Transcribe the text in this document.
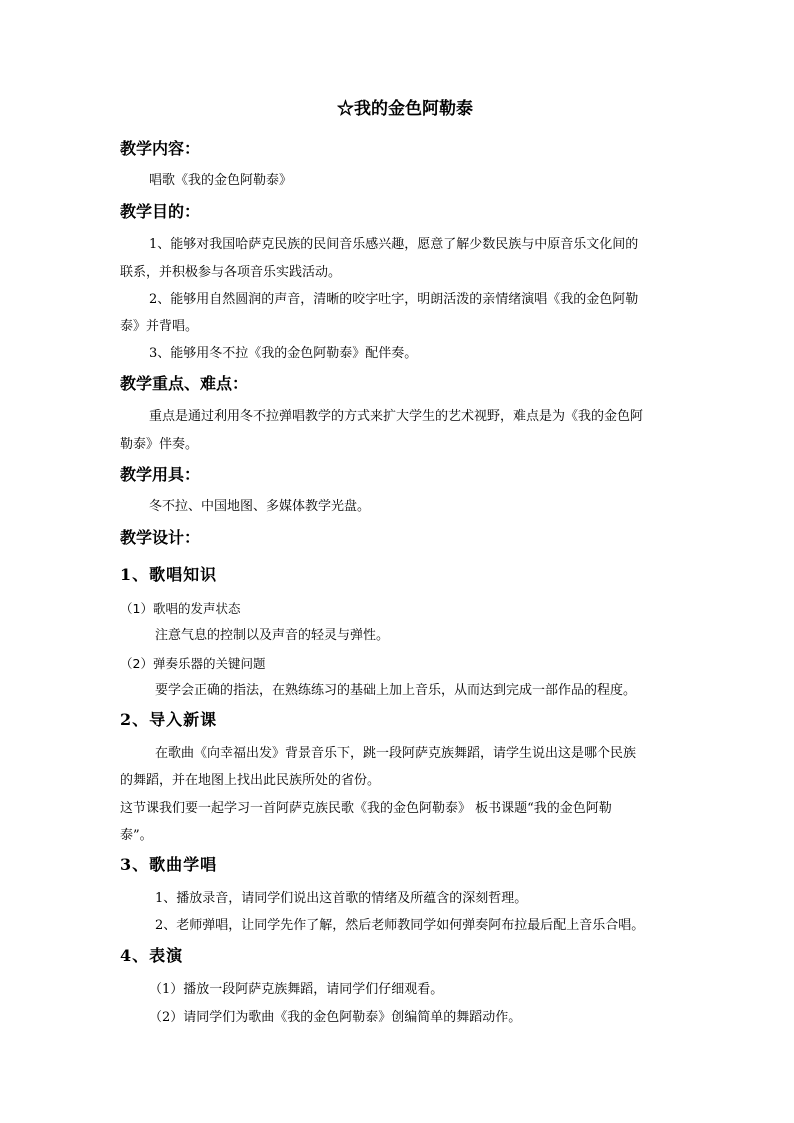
☆我的金色阿勒泰
教学内容：
唱歌《我的金色阿勒泰》
教学目的：
1、能够对我国哈萨克民族的民间音乐感兴趣，愿意了解少数民族与中原音乐文化间的
联系，并积极参与各项音乐实践活动。
2、能够用自然圆润的声音，清晰的咬字吐字，明朗活泼的亲情绪演唱《我的金色阿勒
泰》并背唱。
3、能够用冬不拉《我的金色阿勒泰》配伴奏。
教学重点、难点：
重点是通过利用冬不拉弹唱教学的方式来扩大学生的艺术视野，难点是为《我的金色阿
勒泰》伴奏。
教学用具：
冬不拉、中国地图、多媒体教学光盘。
教学设计：
1、歌唱知识
（1）歌唱的发声状态
注意气息的控制以及声音的轻灵与弹性。
（2）弹奏乐器的关键问题
要学会正确的指法，在熟练练习的基础上加上音乐，从而达到完成一部作品的程度。
2、导入新课
在歌曲《向幸福出发》背景音乐下，跳一段阿萨克族舞蹈，请学生说出这是哪个民族
的舞蹈，并在地图上找出此民族所处的省份。
这节课我们要一起学习一首阿萨克族民歌《我的金色阿勒泰》 板书课题“我的金色阿勒
泰”。
3、歌曲学唱
1、播放录音，请同学们说出这首歌的情绪及所蕴含的深刻哲理。
2、老师弹唱，让同学先作了解，然后老师教同学如何弹奏阿布拉最后配上音乐合唱。
4、表演
（1）播放一段阿萨克族舞蹈，请同学们仔细观看。
（2）请同学们为歌曲《我的金色阿勒泰》创编简单的舞蹈动作。
